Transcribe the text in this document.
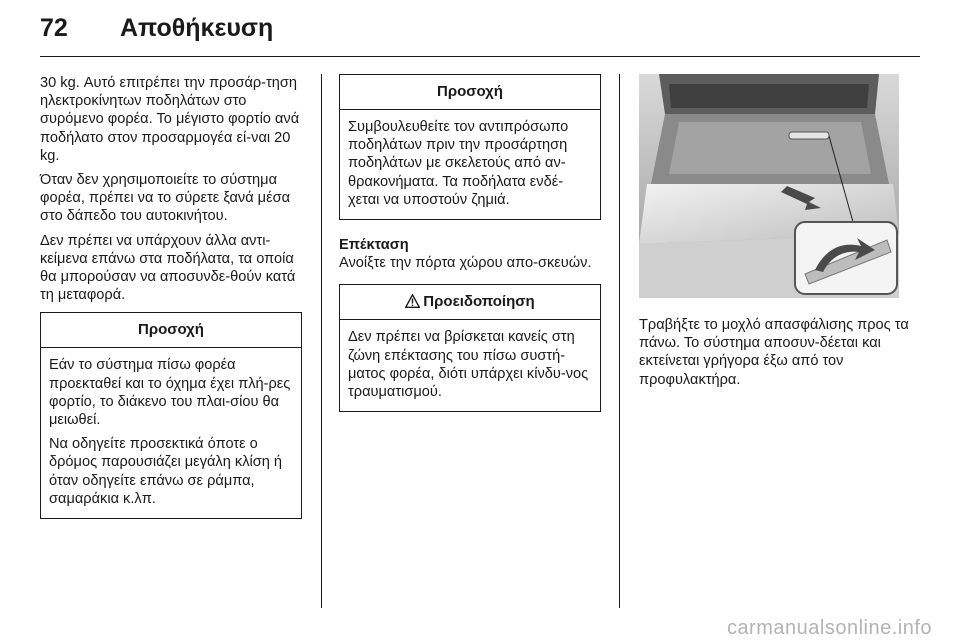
72	Αποθήκευση

30 kg. Αυτό επιτρέπει την προσάρ-τηση ηλεκτροκίνητων ποδηλάτων στο συρόμενο φορέα. Το μέγιστο φορτίο ανά ποδήλατο στον προσαρμογέα εί-ναι 20 kg.

Όταν δεν χρησιμοποιείτε το σύστημα φορέα, πρέπει να το σύρετε ξανά μέσα στο δάπεδο του αυτοκινήτου.

Δεν πρέπει να υπάρχουν άλλα αντι-κείμενα επάνω στα ποδήλατα, τα οποία θα μπορούσαν να αποσυνδε-θούν κατά τη μεταφορά.

Προσοχή

Εάν το σύστημα πίσω φορέα προεκταθεί και το όχημα έχει πλή-ρες φορτίο, το διάκενο του πλαι-σίου θα μειωθεί.

Να οδηγείτε προσεκτικά όποτε ο δρόμος παρουσιάζει μεγάλη κλίση ή όταν οδηγείτε επάνω σε ράμπα, σαμαράκια κ.λπ.

Προσοχή

Συμβουλευθείτε τον αντιπρόσωπο ποδηλάτων πριν την προσάρτηση ποδηλάτων με σκελετούς από αν-θρακονήματα. Τα ποδήλατα ενδέ-χεται να υποστούν ζημιά.

Επέκταση

Ανοίξτε την πόρτα χώρου απο-σκευών.

Προειδοποίηση

Δεν πρέπει να βρίσκεται κανείς στη ζώνη επέκτασης του πίσω συστή-ματος φορέα, διότι υπάρχει κίνδυ-νος τραυματισμού.

Τραβήξτε το μοχλό απασφάλισης προς τα πάνω. Το σύστημα αποσυν-δέεται και εκτείνεται γρήγορα έξω από τον προφυλακτήρα.
carmanualsonline.info
